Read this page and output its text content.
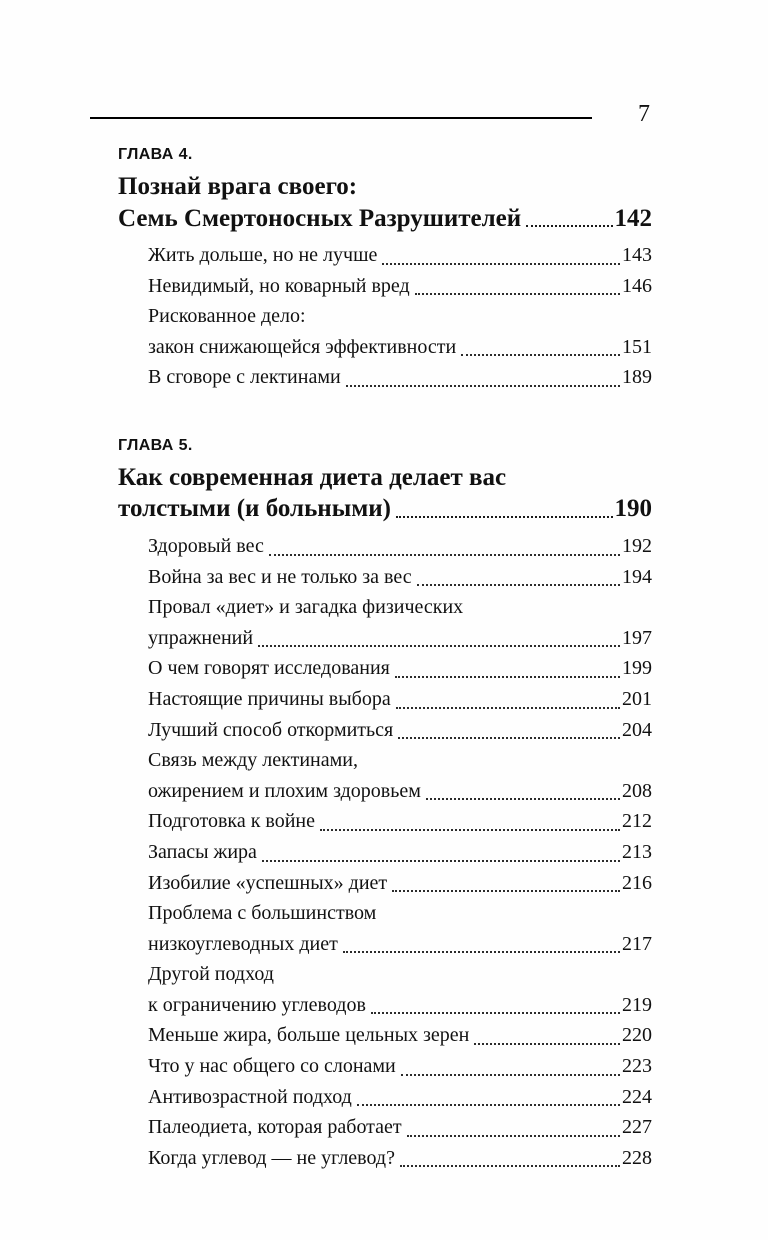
7
ГЛАВА 4.
Познай врага своего:
Семь Смертоносных Разрушителей	142
Жить дольше, но не лучше	143
Невидимый, но коварный вред	146
Рискованное дело:
закон снижающейся эффективности	151
В сговоре с лектинами	189
ГЛАВА 5.
Как современная диета делает вас
толстыми (и больными)	190
Здоровый вес	192
Война за вес и не только за вес	194
Провал «диет» и загадка физических
упражнений	197
О чем говорят исследования	199
Настоящие причины выбора	201
Лучший способ откормиться	204
Связь между лектинами,
ожирением и плохим здоровьем	208
Подготовка к войне	212
Запасы жира	213
Изобилие «успешных» диет	216
Проблема с большинством
низкоуглеводных диет	217
Другой подход
к ограничению углеводов	219
Меньше жира, больше цельных зерен	220
Что у нас общего со слонами	223
Антивозрастной подход	224
Палеодиета, которая работает	227
Когда углевод — не углевод?	228
